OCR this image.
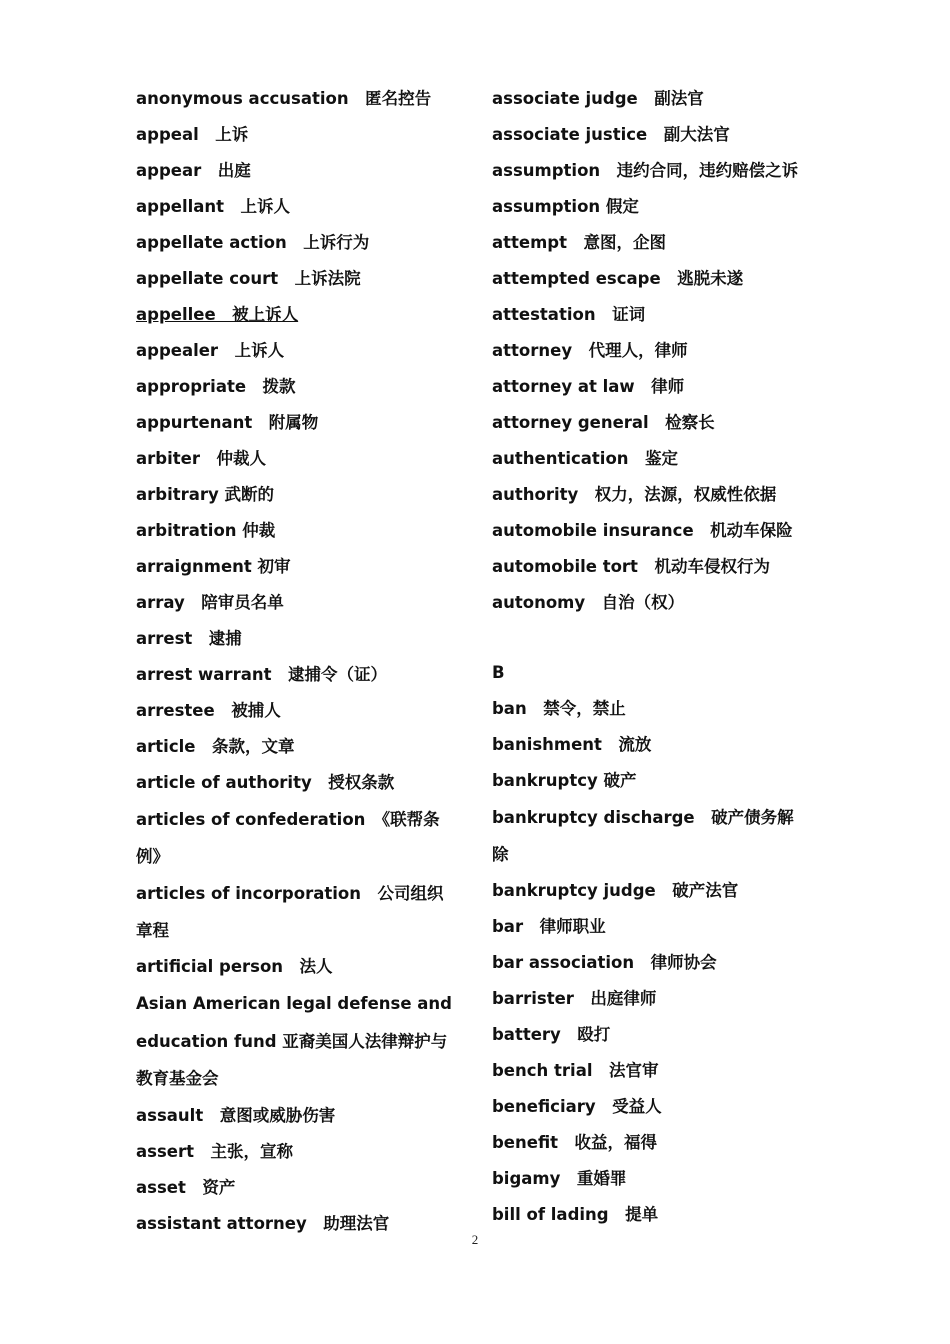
anonymous accusation　匿名控告

appeal　上诉

appear　出庭

appellant　上诉人

appellate action　上诉行为

appellate court　上诉法院

appellee　被上诉人

appealer　上诉人

appropriate　拨款

appurtenant　附属物

arbiter　仲裁人

arbitrary 武断的

arbitration 仲裁

arraignment 初审

array　陪审员名单

arrest　逮捕

arrest warrant　逮捕令（证）

arrestee　被捕人

article　条款，文章

article of authority　授权条款

articles of confederation　《联帮条
例》

articles of incorporation　公司组织
章程

artificial person　法人

Asian American legal defense and
education fund 亚裔美国人法律辩护与
教育基金会

assault　意图或威胁伤害

assert　主张，宣称

asset　资产

assistant attorney　助理法官

associate judge　副法官

associate justice　副大法官

assumption　违约合同，违约赔偿之诉

assumption 假定

attempt　意图，企图

attempted escape　逃脱未遂

attestation　证词

attorney　代理人，律师

attorney at law　律师

attorney general　检察长

authentication　鉴定

authority　权力，法源，权威性依据

automobile insurance　机动车保险

automobile tort　机动车侵权行为

autonomy　自治（权）

B

ban　禁令，禁止

banishment　流放

bankruptcy 破产

bankruptcy discharge　破产债务解
除

bankruptcy judge　破产法官

bar　律师职业

bar association　律师协会

barrister　出庭律师

battery　殴打

bench trial　法官审

beneficiary　受益人

benefit　收益，福得

bigamy　重婚罪

bill of lading　提单

2
